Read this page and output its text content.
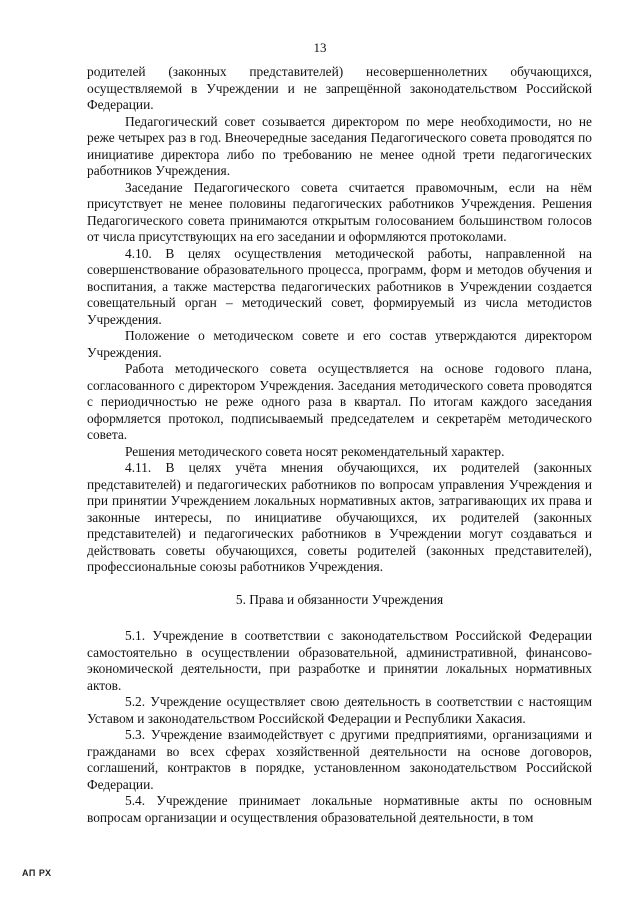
13

родителей (законных представителей) несовершеннолетних обучающихся, осуществляемой в Учреждении и не запрещённой законодательством Российской Федерации.

Педагогический совет созывается директором по мере необходимости, но не реже четырех раз в год. Внеочередные заседания Педагогического совета проводятся по инициативе директора либо по требованию не менее одной трети педагогических работников Учреждения.

Заседание Педагогического совета считается правомочным, если на нём присутствует не менее половины педагогических работников Учреждения. Решения Педагогического совета принимаются открытым голосованием большинством голосов от числа присутствующих на его заседании и оформляются протоколами.

4.10. В целях осуществления методической работы, направленной на совершенствование образовательного процесса, программ, форм и методов обучения и воспитания, а также мастерства педагогических работников в Учреждении создается совещательный орган – методический совет, формируемый из числа методистов Учреждения.

Положение о методическом совете и его состав утверждаются директором Учреждения.

Работа методического совета осуществляется на основе годового плана, согласованного с директором Учреждения. Заседания методического совета проводятся с периодичностью не реже одного раза в квартал. По итогам каждого заседания оформляется протокол, подписываемый председателем и секретарём методического совета.

Решения методического совета носят рекомендательный характер.

4.11. В целях учёта мнения обучающихся, их родителей (законных представителей) и педагогических работников по вопросам управления Учреждения и при принятии Учреждением локальных нормативных актов, затрагивающих их права и законные интересы, по инициативе обучающихся, их родителей (законных представителей) и педагогических работников в Учреждении могут создаваться и действовать советы обучающихся, советы родителей (законных представителей), профессиональные союзы работников Учреждения.

5. Права и обязанности Учреждения

5.1. Учреждение в соответствии с законодательством Российской Федерации самостоятельно в осуществлении образовательной, административной, финансово-экономической деятельности, при разработке и принятии локальных нормативных актов.

5.2. Учреждение осуществляет свою деятельность в соответствии с настоящим Уставом и законодательством Российской Федерации и Республики Хакасия.

5.3. Учреждение взаимодействует с другими предприятиями, организациями и гражданами во всех сферах хозяйственной деятельности на основе договоров, соглашений, контрактов в порядке, установленном законодательством Российской Федерации.

5.4. Учреждение принимает локальные нормативные акты по основным вопросам организации и осуществления образовательной деятельности, в том

АП РХ
